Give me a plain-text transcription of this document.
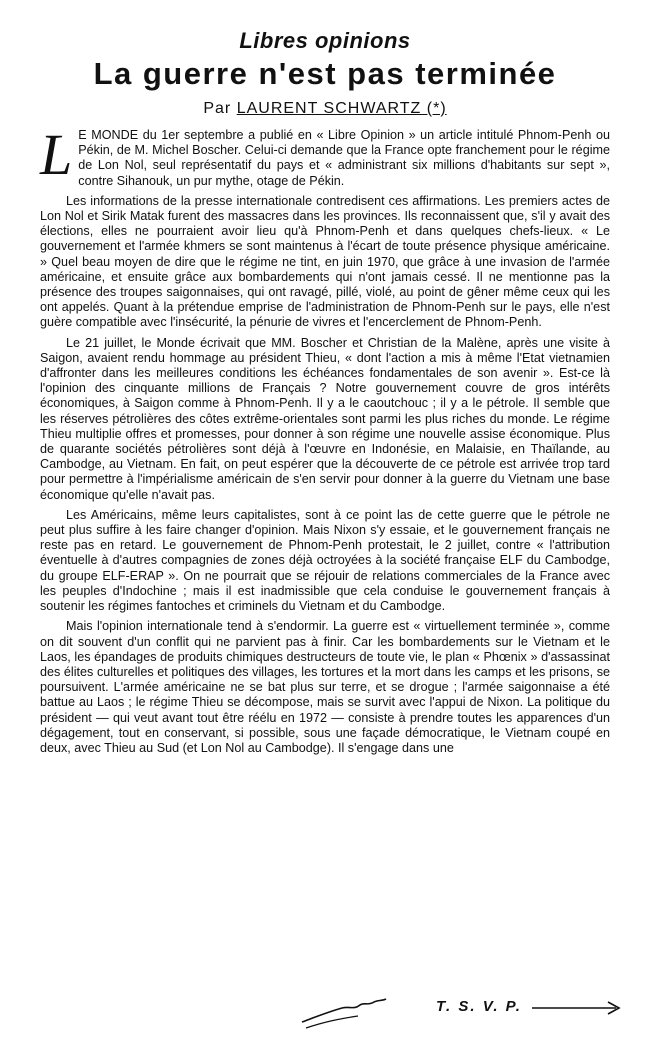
Libres opinions
La guerre n'est pas terminée
Par LAURENT SCHWARTZ (*)

L E MONDE du 1er septembre a publié en « Libre Opinion » un article intitulé Phnom-Penh ou Pékin, de M. Michel Boscher. Celui-ci demande que la France opte franchement pour le régime de Lon Nol, seul représentatif du pays et « administrant six millions d'habitants sur sept », contre Sihanouk, un pur mythe, otage de Pékin.

Les informations de la presse internationale contredisent ces affirmations. Les premiers actes de Lon Nol et Sirik Matak furent des massacres dans les provinces. Ils reconnaissent que, s'il y avait des élections, elles ne pourraient avoir lieu qu'à Phnom-Penh et dans quelques chefs-lieux. « Le gouvernement et l'armée khmers se sont maintenus à l'écart de toute présence physique américaine. » Quel beau moyen de dire que le régime ne tint, en juin 1970, que grâce à une invasion de l'armée américaine, et ensuite grâce aux bombardements qui n'ont jamais cessé. Il ne mentionne pas la présence des troupes saigonnaises, qui ont ravagé, pillé, violé, au point de gêner même ceux qui les ont appelés. Quant à la prétendue emprise de l'administration de Phnom-Penh sur le pays, elle n'est guère compatible avec l'insécurité, la pénurie de vivres et l'encerclement de Phnom-Penh.

Le 21 juillet, le Monde écrivait que MM. Boscher et Christian de la Malène, après une visite à Saigon, avaient rendu hommage au président Thieu, « dont l'action a mis à même l'Etat vietnamien d'affronter dans les meilleures conditions les échéances fondamentales de son avenir ». Est-ce là l'opinion des cinquante millions de Français ? Notre gouvernement couvre de gros intérêts économiques, à Saigon comme à Phnom-Penh. Il y a le caoutchouc ; il y a le pétrole. Il semble que les réserves pétrolières des côtes extrême-orientales sont parmi les plus riches du monde. Le régime Thieu multiplie offres et promesses, pour donner à son régime une nouvelle assise économique. Plus de quarante sociétés pétrolières sont déjà à l'œuvre en Indonésie, en Malaisie, en Thaïlande, au Cambodge, au Vietnam. En fait, on peut espérer que la découverte de ce pétrole est arrivée trop tard pour permettre à l'impérialisme américain de s'en servir pour donner à la guerre du Vietnam une base économique qu'elle n'avait pas.

Les Américains, même leurs capitalistes, sont à ce point las de cette guerre que le pétrole ne peut plus suffire à les faire changer d'opinion. Mais Nixon s'y essaie, et le gouvernement français ne reste pas en retard. Le gouvernement de Phnom-Penh protestait, le 2 juillet, contre « l'attribution éventuelle à d'autres compagnies de zones déjà octroyées à la société française ELF du Cambodge, du groupe ELF-ERAP ». On ne pourrait que se réjouir de relations commerciales de la France avec les peuples d'Indochine ; mais il est inadmissible que cela conduise le gouvernement français à soutenir les régimes fantoches et criminels du Vietnam et du Cambodge.

Mais l'opinion internationale tend à s'endormir. La guerre est « virtuellement terminée », comme on dit souvent d'un conflit qui ne parvient pas à finir. Car les bombardements sur le Vietnam et le Laos, les épandages de produits chimiques destructeurs de toute vie, le plan « Phœnix » d'assassinat des élites culturelles et politiques des villages, les tortures et la mort dans les camps et les prisons, se poursuivent. L'armée américaine ne se bat plus sur terre, et se drogue ; l'armée saigonnaise a été battue au Laos ; le régime Thieu se décompose, mais se survit avec l'appui de Nixon. La politique du président — qui veut avant tout être réélu en 1972 — consiste à prendre toutes les apparences d'un dégagement, tout en conservant, si possible, sous une façade démocratique, le Vietnam coupé en deux, avec Thieu au Sud (et Lon Nol au Cambodge). Il s'engage dans une

T. S. V. P.
